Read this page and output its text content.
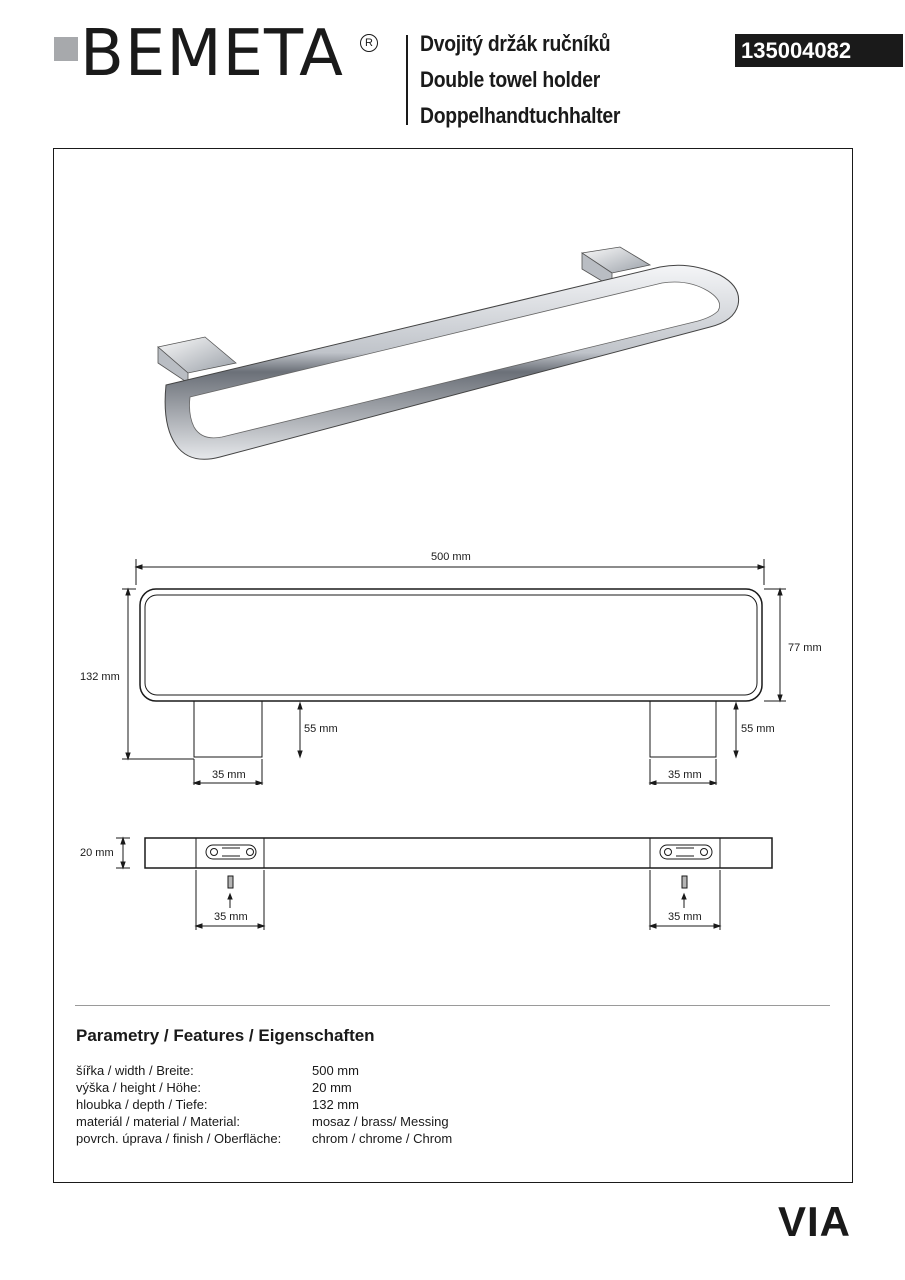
BEMETA	R Dvojitý držák ručníků
Double towel holder
Doppelhandtuchhalter
135004082
500 mm
132 mm
77 mm
55 mm	55 mm
35 mm	35 mm
20 mm
35 mm	35 mm
Parametry / Features / Eigenschaften
šířka / width / Breite:	500 mm
výška / height / Höhe:	20 mm
hloubka / depth / Tiefe:	132 mm
materiál / material / Material:	mosaz / brass/ Messing
povrch. úprava / finish / Oberfläche: chrom / chrome / Chrom
VIA
